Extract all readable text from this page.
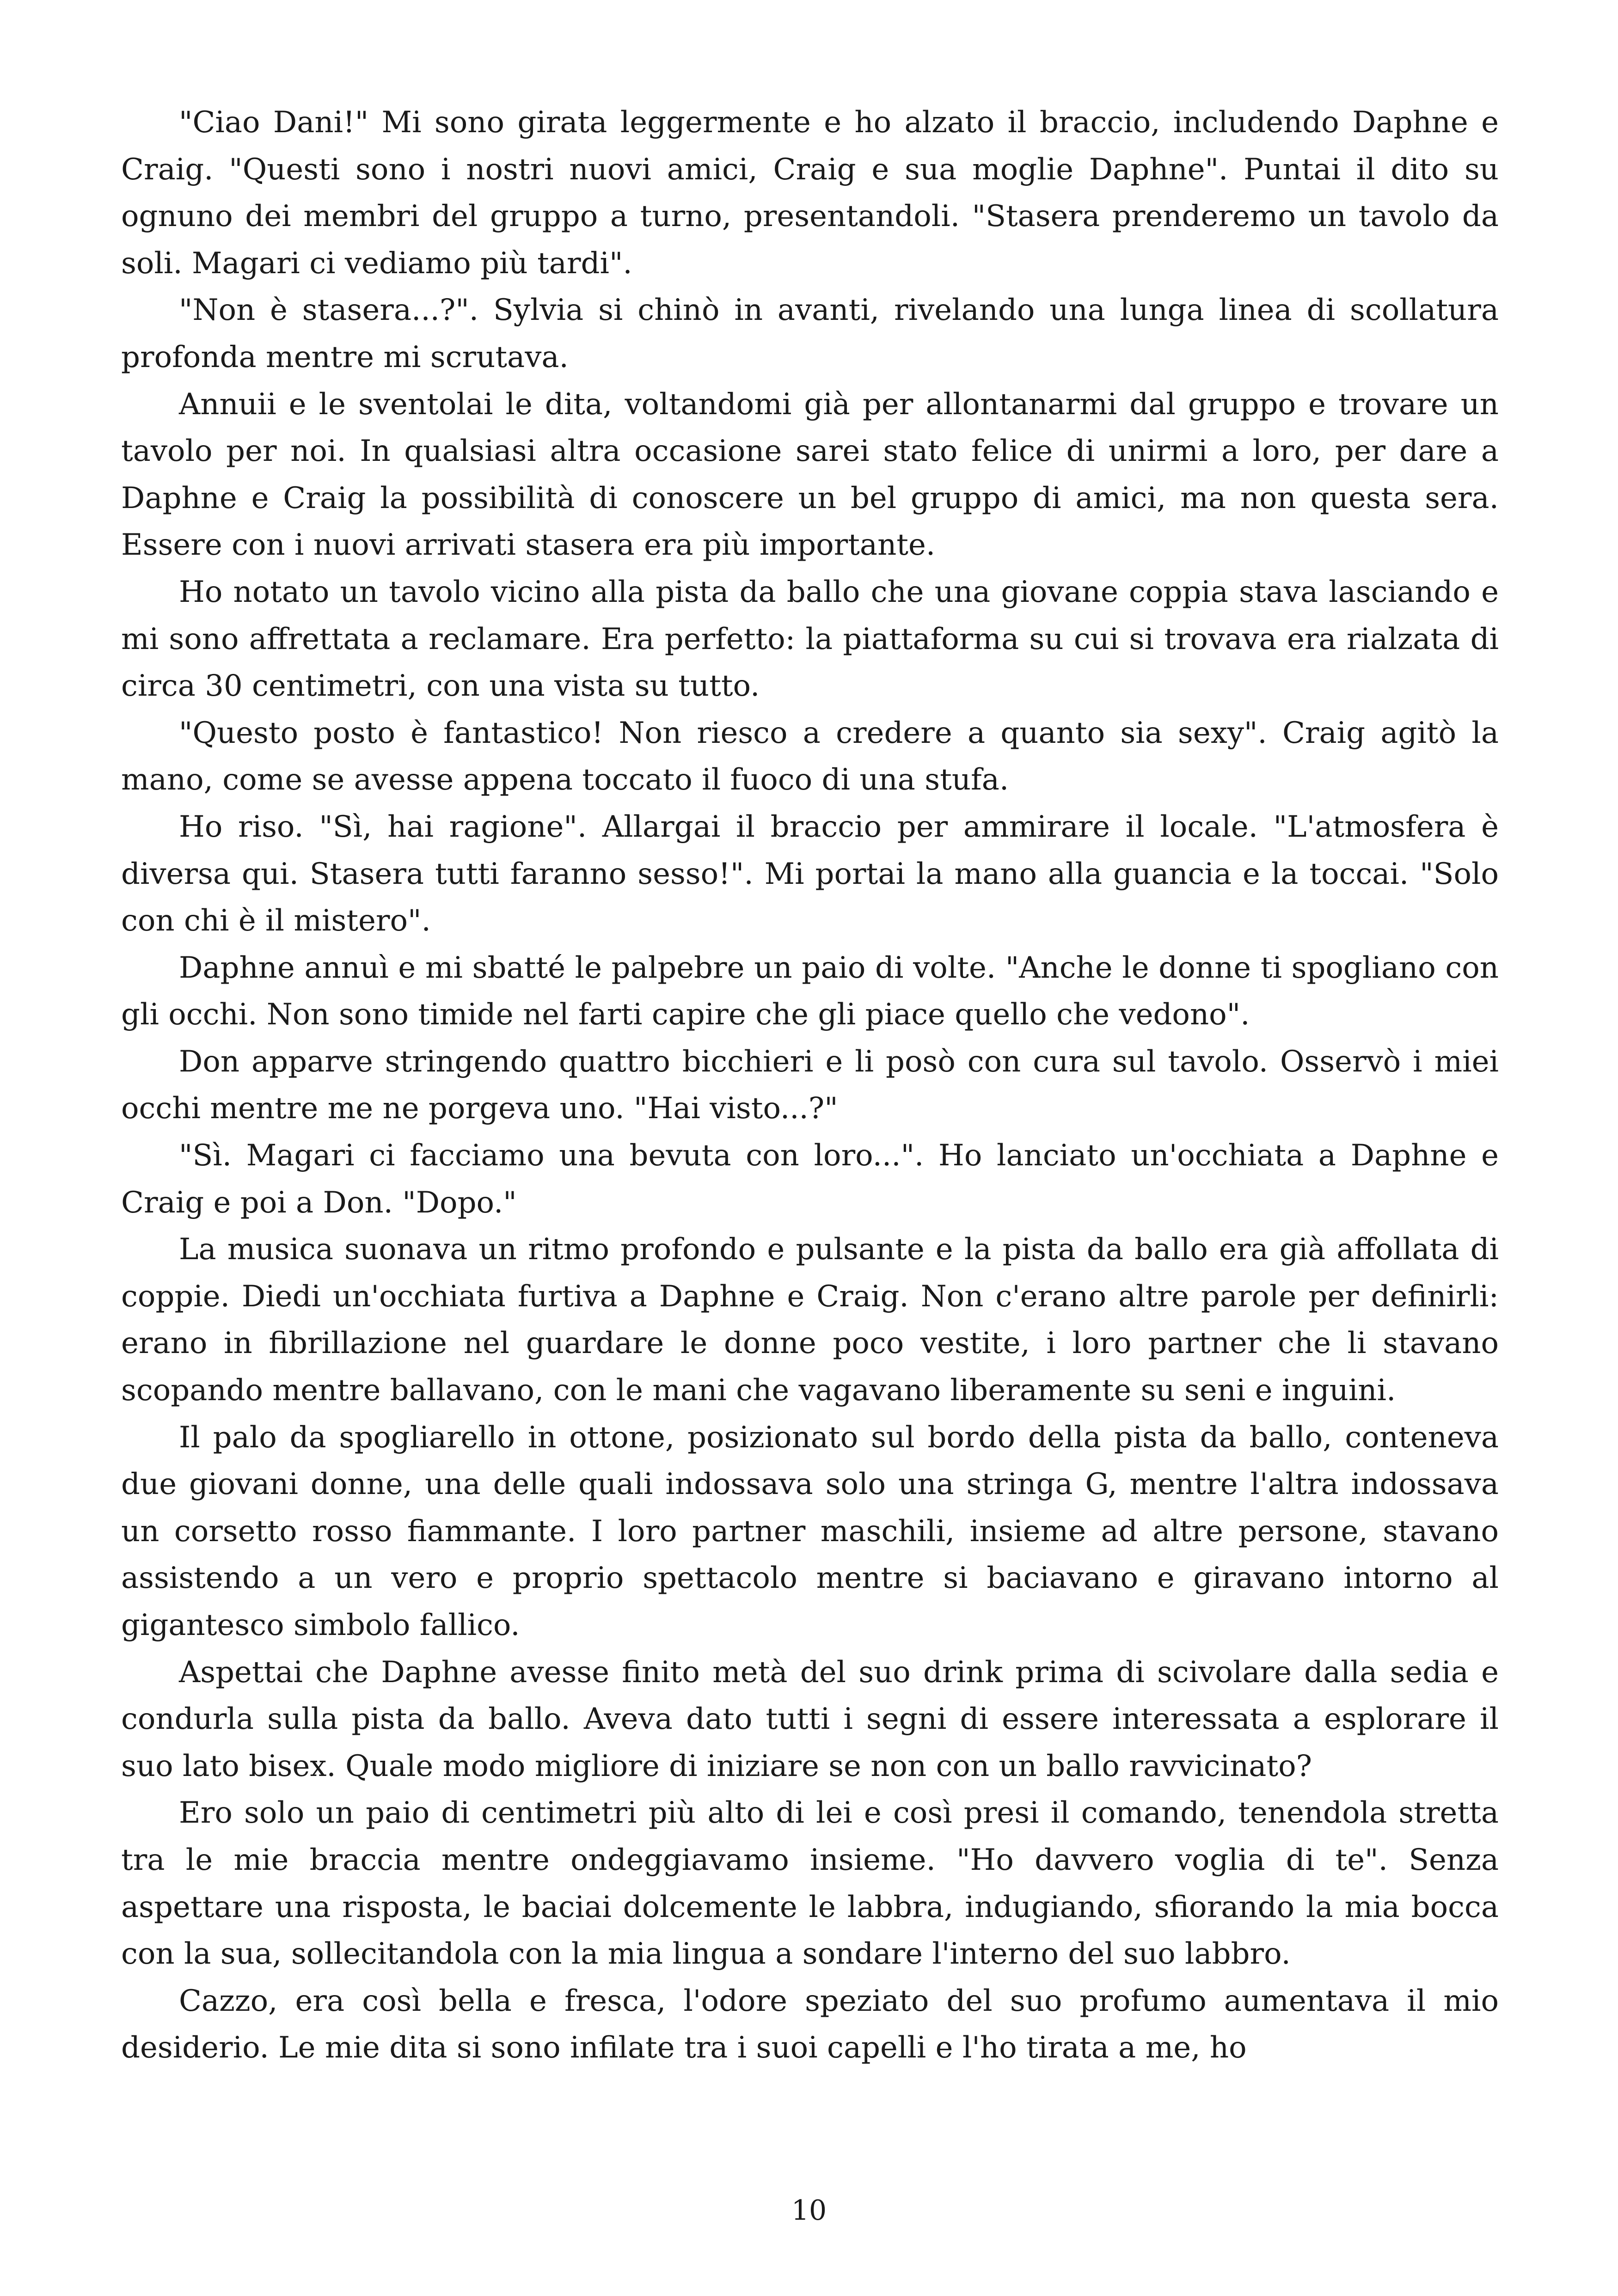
"Ciao Dani!" Mi sono girata leggermente e ho alzato il braccio, includendo Daphne e Craig. "Questi sono i nostri nuovi amici, Craig e sua moglie Daphne". Puntai il dito su ognuno dei membri del gruppo a turno, presentandoli. "Stasera prenderemo un tavolo da soli. Magari ci vediamo più tardi".

"Non è stasera...?". Sylvia si chinò in avanti, rivelando una lunga linea di scollatura profonda mentre mi scrutava.

Annuii e le sventolai le dita, voltandomi già per allontanarmi dal gruppo e trovare un tavolo per noi. In qualsiasi altra occasione sarei stato felice di unirmi a loro, per dare a Daphne e Craig la possibilità di conoscere un bel gruppo di amici, ma non questa sera. Essere con i nuovi arrivati stasera era più importante.

Ho notato un tavolo vicino alla pista da ballo che una giovane coppia stava lasciando e mi sono affrettata a reclamare. Era perfetto: la piattaforma su cui si trovava era rialzata di circa 30 centimetri, con una vista su tutto.

"Questo posto è fantastico! Non riesco a credere a quanto sia sexy". Craig agitò la mano, come se avesse appena toccato il fuoco di una stufa.

Ho riso. "Sì, hai ragione". Allargai il braccio per ammirare il locale. "L'atmosfera è diversa qui. Stasera tutti faranno sesso!". Mi portai la mano alla guancia e la toccai. "Solo con chi è il mistero".

Daphne annuì e mi sbatté le palpebre un paio di volte. "Anche le donne ti spogliano con gli occhi. Non sono timide nel farti capire che gli piace quello che vedono".

Don apparve stringendo quattro bicchieri e li posò con cura sul tavolo. Osservò i miei occhi mentre me ne porgeva uno. "Hai visto...?"

"Sì. Magari ci facciamo una bevuta con loro...". Ho lanciato un'occhiata a Daphne e Craig e poi a Don. "Dopo."

La musica suonava un ritmo profondo e pulsante e la pista da ballo era già affollata di coppie. Diedi un'occhiata furtiva a Daphne e Craig. Non c'erano altre parole per definirli: erano in fibrillazione nel guardare le donne poco vestite, i loro partner che li stavano scopando mentre ballavano, con le mani che vagavano liberamente su seni e inguini.

Il palo da spogliarello in ottone, posizionato sul bordo della pista da ballo, conteneva due giovani donne, una delle quali indossava solo una stringa G, mentre l'altra indossava un corsetto rosso fiammante. I loro partner maschili, insieme ad altre persone, stavano assistendo a un vero e proprio spettacolo mentre si baciavano e giravano intorno al gigantesco simbolo fallico.

Aspettai che Daphne avesse finito metà del suo drink prima di scivolare dalla sedia e condurla sulla pista da ballo. Aveva dato tutti i segni di essere interessata a esplorare il suo lato bisex. Quale modo migliore di iniziare se non con un ballo ravvicinato?

Ero solo un paio di centimetri più alto di lei e così presi il comando, tenendola stretta tra le mie braccia mentre ondeggiavamo insieme. "Ho davvero voglia di te". Senza aspettare una risposta, le baciai dolcemente le labbra, indugiando, sfiorando la mia bocca con la sua, sollecitandola con la mia lingua a sondare l'interno del suo labbro.

Cazzo, era così bella e fresca, l'odore speziato del suo profumo aumentava il mio desiderio. Le mie dita si sono infilate tra i suoi capelli e l'ho tirata a me, ho

10
